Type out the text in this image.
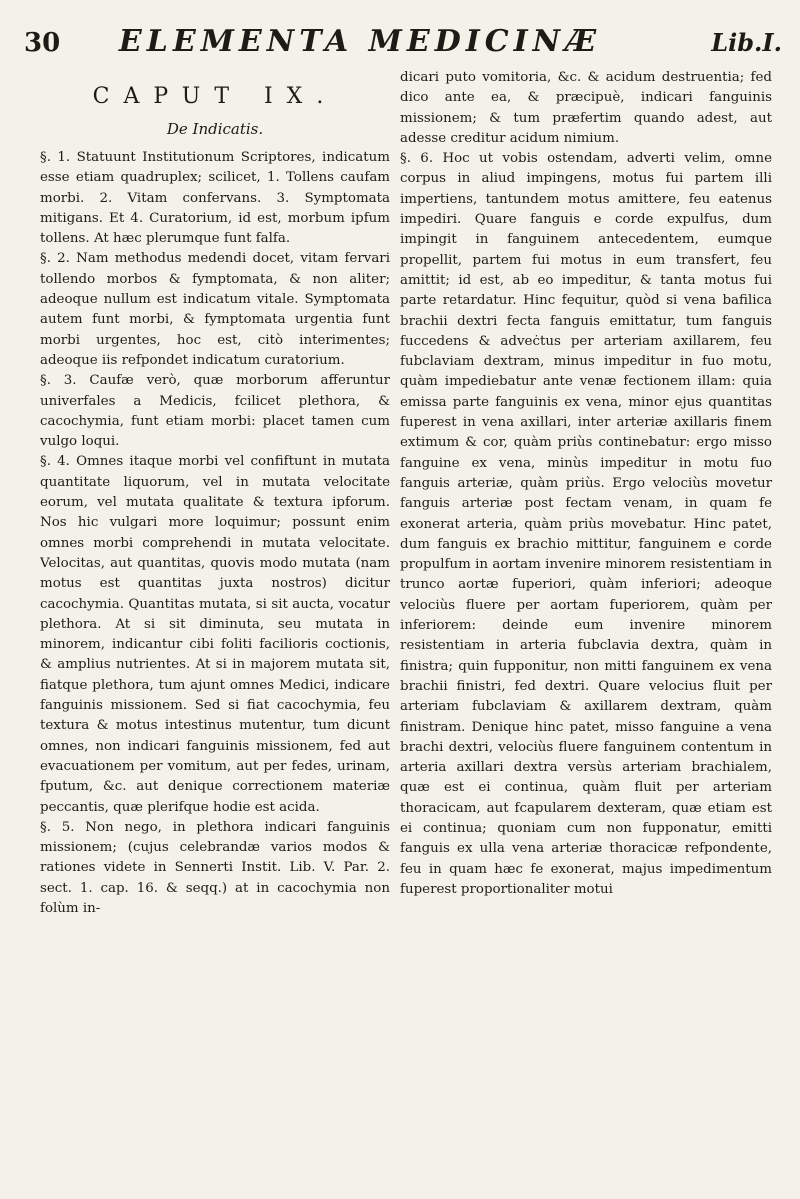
30	ELEMENTA MEDICINÆ	Lib.I.
CAPUT IX.
De Indicatis.

§. 1. Statuunt Institutionum Scriptores, indicatum esse etiam quadruplex; scilicet, 1. Tollens caufam morbi. 2. Vitam confervans. 3. Symptomata mitigans. Et 4. Curatorium, id est, morbum ipfum tollens. At hæc plerumque funt falfa.

§. 2. Nam methodus medendi docet, vitam fervari tollendo morbos & fymptomata, & non aliter; adeoque nullum est indicatum vitale. Symptomata autem funt morbi, & fymptomata urgentia funt morbi urgentes, hoc est, citò interimentes; adeoque iis refpondet indicatum curatorium.

§. 3. Caufæ verò, quæ morborum afferuntur univerfales a Medicis, fcilicet plethora, & cacochymia, funt etiam morbi: placet tamen cum vulgo loqui.

§. 4. Omnes itaque morbi vel confiftunt in mutata quantitate liquorum, vel in mutata velocitate eorum, vel mutata qualitate & textura ipforum. Nos hic vulgari more loquimur; possunt enim omnes morbi comprehendi in mutata velocitate. Velocitas, aut quantitas, quovis modo mutata (nam motus est quantitas juxta nostros) dicitur cacochymia. Quantitas mutata, si sit aucta, vocatur plethora. At si sit diminuta, seu mutata in minorem, indicantur cibi foliti facilioris coctionis, & amplius nutrientes. At si in majorem mutata sit, fiatque plethora, tum ajunt omnes Medici, indicare fanguinis missionem. Sed si fiat cacochymia, feu textura & motus intestinus mutentur, tum dicunt omnes, non indicari fanguinis missionem, fed aut evacuationem per vomitum, aut per fedes, urinam, fputum, &c. aut denique correctionem materiæ peccantis, quæ plerifque hodie est acida.

§. 5. Non nego, in plethora indicari fanguinis missionem; (cujus celebrandæ varios modos & rationes videte in Sennerti Instit. Lib. V. Par. 2. sect. 1. cap. 16. & seqq.) at in cacochymia non folùm in-

dicari puto vomitoria, &c. & acidum destruentia; fed dico ante ea, & præcipuè, indicari fanguinis missionem; & tum præfertim quando adest, aut adesse creditur acidum nimium.

§. 6. Hoc ut vobis ostendam, adverti velim, omne corpus in aliud impingens, motus fui partem illi impertiens, tantundem motus amittere, feu eatenus impediri. Quare fanguis e corde expulfus, dum impingit in fanguinem antecedentem, eumque propellit, partem fui motus in eum transfert, feu amittit; id est, ab eo impeditur, & tanta motus fui parte retardatur. Hinc fequitur, quòd si vena bafilica brachii dextri fecta fanguis emittatur, tum fanguis fuccedens & adveċtus per arteriam axillarem, feu fubclaviam dextram, minus impeditur in fuo motu, quàm impediebatur ante venæ fectionem illam: quia emissa parte fanguinis ex vena, minor ejus quantitas fuperest in vena axillari, inter arteriæ axillaris finem extimum & cor, quàm priùs continebatur: ergo misso fanguine ex vena, minùs impeditur in motu fuo fanguis arteriæ, quàm priùs. Ergo velociùs movetur fanguis arteriæ post fectam venam, in quam fe exonerat arteria, quàm priùs movebatur. Hinc patet, dum fanguis ex brachio mittitur, fanguinem e corde propulfum in aortam invenire minorem resistentiam in trunco aortæ fuperiori, quàm inferiori; adeoque velociùs fluere per aortam fuperiorem, quàm per inferiorem: deinde eum invenire minorem resistentiam in arteria fubclavia dextra, quàm in finistra; quin fupponitur, non mitti fanguinem ex vena brachii finistri, fed dextri. Quare velocius fluit per arteriam fubclaviam & axillarem dextram, quàm finistram. Denique hinc patet, misso fanguine a vena brachi dextri, velociùs fluere fanguinem contentum in arteria axillari dextra versùs arteriam brachialem, quæ est ei continua, quàm fluit per arteriam thoracicam, aut fcapularem dexteram, quæ etiam est ei continua; quoniam cum non fupponatur, emitti fanguis ex ulla vena arteriæ thoracicæ refpondente, feu in quam hæc fe exonerat, majus impedimentum fuperest proportionaliter motui
